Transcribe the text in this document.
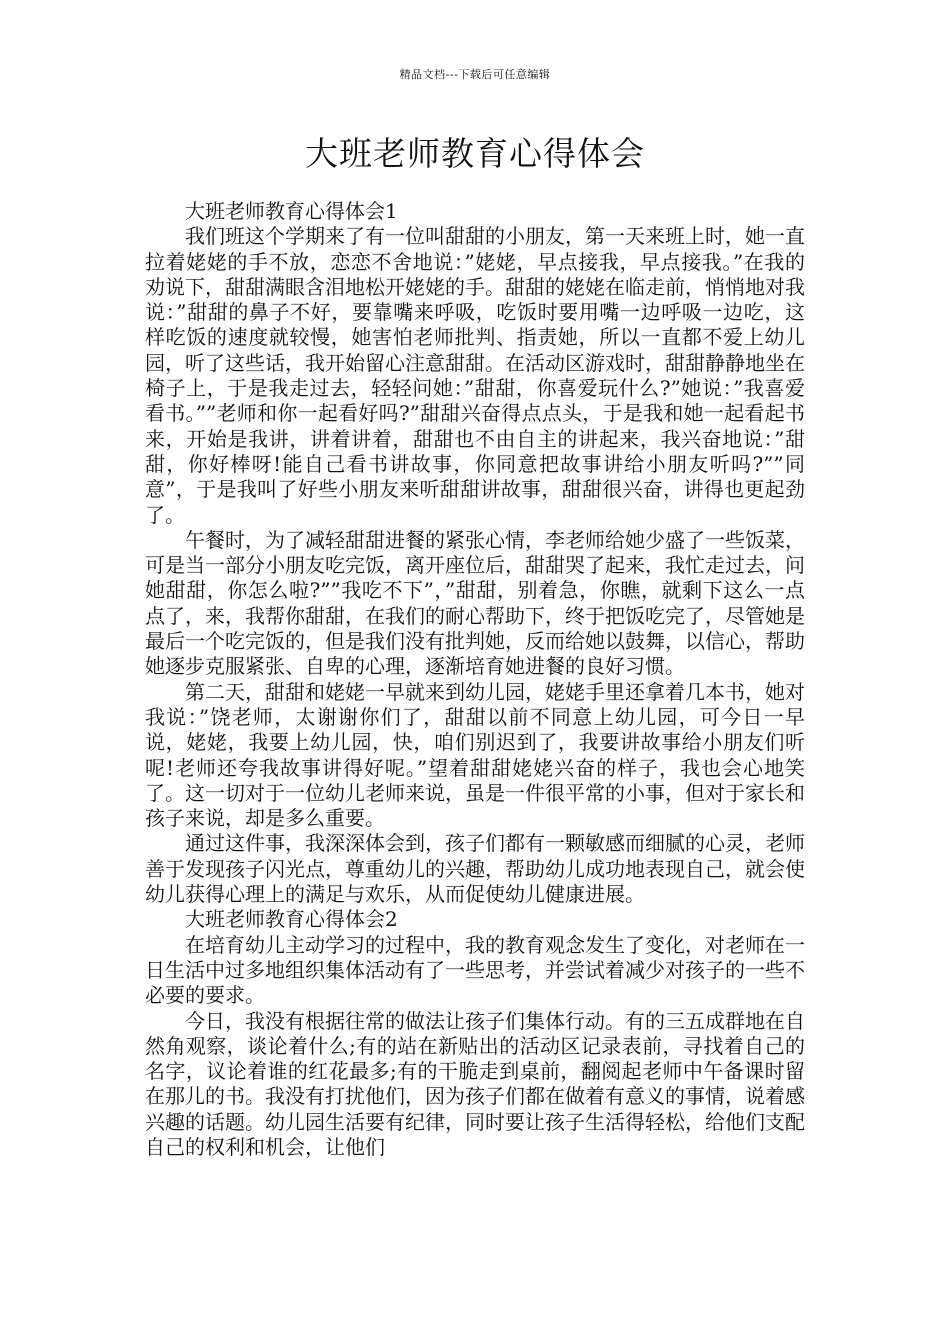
精品文档---下载后可任意编辑
大班老师教育心得体会

大班老师教育心得体会1

我们班这个学期来了有一位叫甜甜的小朋友，第一天来班上时，她一直拉着姥姥的手不放，恋恋不舍地说：”姥姥，早点接我，早点接我。”在我的劝说下，甜甜满眼含泪地松开姥姥的手。甜甜的姥姥在临走前，悄悄地对我说：”甜甜的鼻子不好，要靠嘴来呼吸，吃饭时要用嘴一边呼吸一边吃，这样吃饭的速度就较慢，她害怕老师批判、指责她，所以一直都不爱上幼儿园，听了这些话，我开始留心注意甜甜。在活动区游戏时，甜甜静静地坐在椅子上，于是我走过去，轻轻问她：”甜甜，你喜爱玩什么?”她说：”我喜爱看书。””老师和你一起看好吗?”甜甜兴奋得点点头，于是我和她一起看起书来，开始是我讲，讲着讲着，甜甜也不由自主的讲起来，我兴奋地说：”甜甜，你好棒呀!能自己看书讲故事，你同意把故事讲给小朋友听吗?””同意”，于是我叫了好些小朋友来听甜甜讲故事，甜甜很兴奋，讲得也更起劲了。

午餐时，为了减轻甜甜进餐的紧张心情，李老师给她少盛了一些饭菜，可是当一部分小朋友吃完饭，离开座位后，甜甜哭了起来，我忙走过去，问她甜甜，你怎么啦?””我吃不下”，”甜甜，别着急，你瞧，就剩下这么一点点了，来，我帮你甜甜，在我们的耐心帮助下，终于把饭吃完了，尽管她是最后一个吃完饭的，但是我们没有批判她，反而给她以鼓舞，以信心，帮助她逐步克服紧张、自卑的心理，逐渐培育她进餐的良好习惯。

第二天，甜甜和姥姥一早就来到幼儿园，姥姥手里还拿着几本书，她对我说：”饶老师，太谢谢你们了，甜甜以前不同意上幼儿园，可今日一早说，姥姥，我要上幼儿园，快，咱们别迟到了，我要讲故事给小朋友们听呢!老师还夸我故事讲得好呢。”望着甜甜姥姥兴奋的样子，我也会心地笑了。这一切对于一位幼儿老师来说，虽是一件很平常的小事，但对于家长和孩子来说，却是多么重要。

通过这件事，我深深体会到，孩子们都有一颗敏感而细腻的心灵，老师善于发现孩子闪光点，尊重幼儿的兴趣，帮助幼儿成功地表现自己，就会使幼儿获得心理上的满足与欢乐，从而促使幼儿健康进展。

大班老师教育心得体会2

在培育幼儿主动学习的过程中，我的教育观念发生了变化，对老师在一日生活中过多地组织集体活动有了一些思考，并尝试着减少对孩子的一些不必要的要求。

今日，我没有根据往常的做法让孩子们集体行动。有的三五成群地在自然角观察，谈论着什么;有的站在新贴出的活动区记录表前，寻找着自己的名字，议论着谁的红花最多;有的干脆走到桌前，翻阅起老师中午备课时留在那儿的书。我没有打扰他们，因为孩子们都在做着有意义的事情，说着感兴趣的话题。幼儿园生活要有纪律，同时要让孩子生活得轻松，给他们支配自己的权利和机会，让他们
